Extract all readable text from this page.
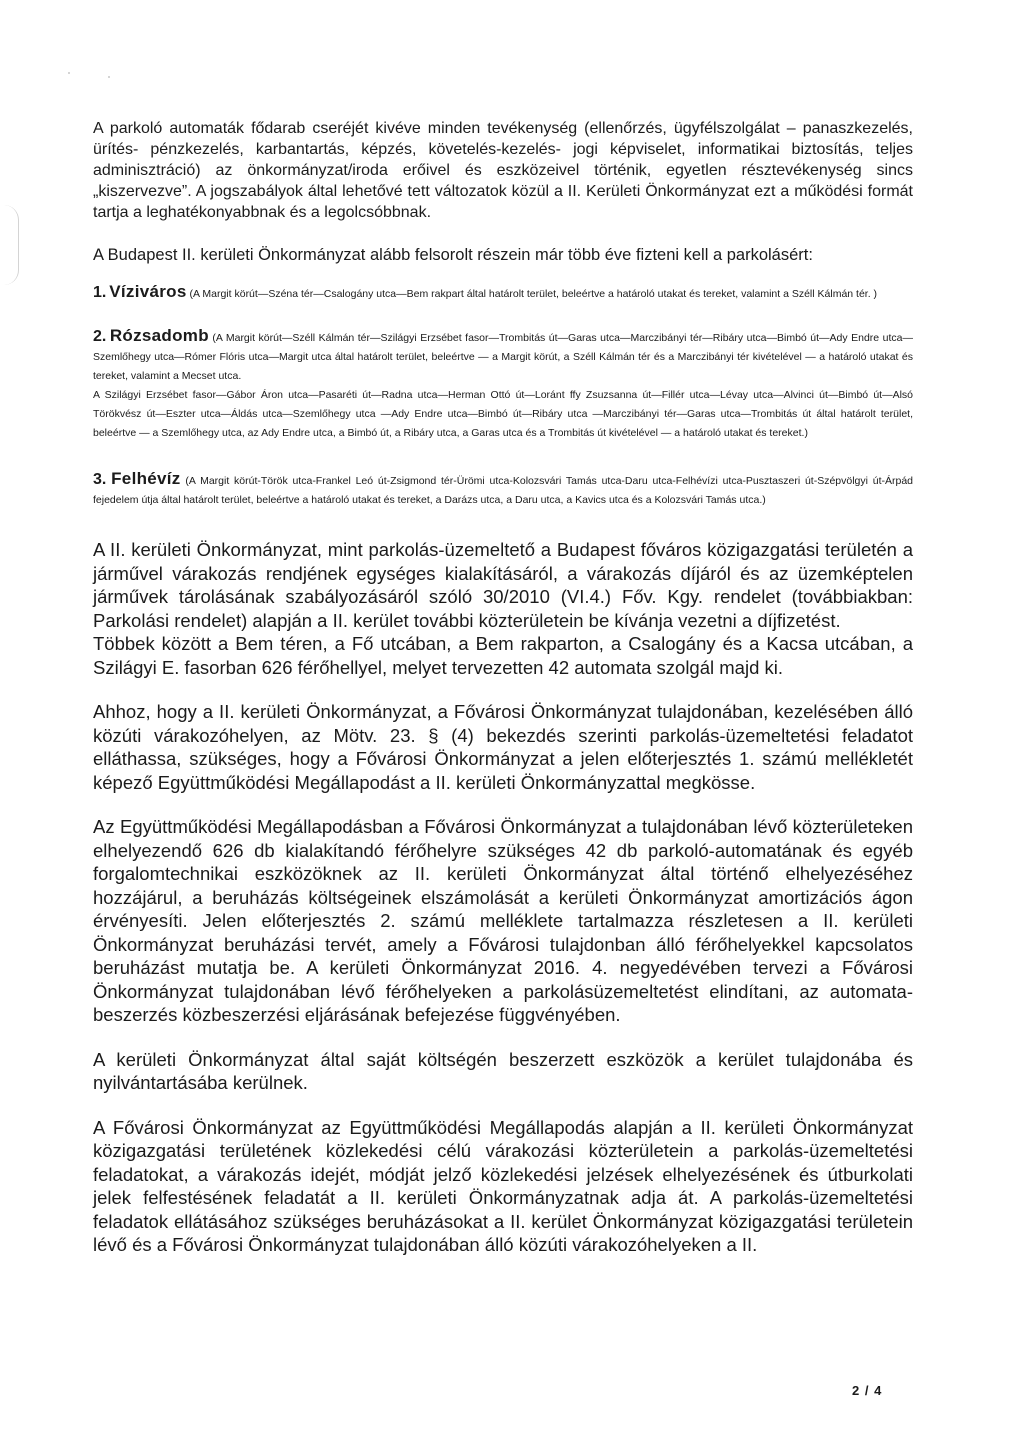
A parkoló automaták fődarab cseréjét kivéve minden tevékenység (ellenőrzés, ügyfélszolgálat – panaszkezelés, ürítés- pénzkezelés, karbantartás, képzés, követelés-kezelés- jogi képviselet, informatikai biztosítás, teljes adminisztráció) az önkormányzat/iroda erőivel és eszközeivel történik, egyetlen résztevékenység sincs „kiszervezve”. A jogszabályok által lehetővé tett változatok közül a II. Kerületi Önkormányzat ezt a működési formát tartja a leghatékonyabbnak és a legolcsóbbnak.

A Budapest II. kerületi Önkormányzat alább felsorolt részein már több éve fizteni kell a parkolásért:

1. Víziváros (A Margit körút—Széna tér—Csalogány utca—Bem rakpart által határolt terület, beleértve a határoló utakat és tereket, valamint a Széll Kálmán tér. )

2. Rózsadomb (A Margit körút—Széll Kálmán tér—Szilágyi Erzsébet fasor—Trombitás út—Garas utca—Marczibányi tér—Ribáry utca—Bimbó út—Ady Endre utca—Szemlőhegy utca—Rómer Flóris utca—Margit utca által határolt terület, beleértve — a Margit körút, a Széll Kálmán tér és a Marczibányi tér kivételével — a határoló utakat és tereket, valamint a Mecset utca.

A Szilágyi Erzsébet fasor—Gábor Áron utca—Pasaréti út—Radna utca—Herman Ottó út—Loránt ffy Zsuzsanna út—Fillér utca—Lévay utca—Alvinci út—Bimbó út—Alsó Törökvész út—Eszter utca—Áldás utca—Szemlőhegy utca —Ady Endre utca—Bimbó út—Ribáry utca —Marczibányi tér—Garas utca—Trombitás út által határolt terület, beleértve — a Szemlőhegy utca, az Ady Endre utca, a Bimbó út, a Ribáry utca, a Garas utca és a Trombitás út kivételével — a határoló utakat és tereket.)

3. Felhévíz (A Margit körút-Török utca-Frankel Leó út-Zsigmond tér-Ürömi utca-Kolozsvári Tamás utca-Daru utca-Felhévízi utca-Pusztaszeri út-Szépvölgyi út-Árpád fejedelem útja által határolt terület, beleértve a határoló utakat és tereket, a Darázs utca, a Daru utca, a Kavics utca és a Kolozsvári Tamás utca.)

A II. kerületi Önkormányzat, mint parkolás-üzemeltető a Budapest főváros közigazgatási területén a járművel várakozás rendjének egységes kialakításáról, a várakozás díjáról és az üzemképtelen járművek tárolásának szabályozásáról szóló 30/2010 (VI.4.) Főv. Kgy. rendelet (továbbiakban: Parkolási rendelet) alapján a II. kerület további közterületein be kívánja vezetni a díjfizetést.

Többek között a Bem téren, a Fő utcában, a Bem rakparton, a Csalogány és a Kacsa utcában, a Szilágyi E. fasorban 626 férőhellyel, melyet tervezetten 42 automata szolgál majd ki.

Ahhoz, hogy a II. kerületi Önkormányzat, a Fővárosi Önkormányzat tulajdonában, kezelésében álló közúti várakozóhelyen, az Mötv. 23. § (4) bekezdés szerinti parkolás-üzemeltetési feladatot elláthassa, szükséges, hogy a Fővárosi Önkormányzat a jelen előterjesztés 1. számú mellékletét képező Együttműködési Megállapodást a II. kerületi Önkormányzattal megkösse.

Az Együttműködési Megállapodásban a Fővárosi Önkormányzat a tulajdonában lévő közterületeken elhelyezendő 626 db kialakítandó férőhelyre szükséges 42 db parkoló-automatának és egyéb forgalomtechnikai eszközöknek az II. kerületi Önkormányzat által történő elhelyezéséhez hozzájárul, a beruházás költségeinek elszámolását a kerületi Önkormányzat amortizációs ágon érvényesíti. Jelen előterjesztés 2. számú melléklete tartalmazza részletesen a II. kerületi Önkormányzat beruházási tervét, amely a Fővárosi tulajdonban álló férőhelyekkel kapcsolatos beruházást mutatja be. A kerületi Önkormányzat 2016. 4. negyedévében tervezi a Fővárosi Önkormányzat tulajdonában lévő férőhelyeken a parkolásüzemeltetést elindítani, az automata-beszerzés közbeszerzési eljárásának befejezése függvényében.

A kerületi Önkormányzat által saját költségén beszerzett eszközök a kerület tulajdonába és nyilvántartásába kerülnek.

A Fővárosi Önkormányzat az Együttműködési Megállapodás alapján a II. kerületi Önkormányzat közigazgatási területének közlekedési célú várakozási közterületein a parkolás-üzemeltetési feladatokat, a várakozás idejét, módját jelző közlekedési jelzések elhelyezésének és útburkolati jelek felfestésének feladatát a II. kerületi Önkormányzatnak adja át. A parkolás-üzemeltetési feladatok ellátásához szükséges beruházásokat a II. kerület Önkormányzat közigazgatási területein lévő és a Fővárosi Önkormányzat tulajdonában álló közúti várakozóhelyeken a II.

2 / 4
